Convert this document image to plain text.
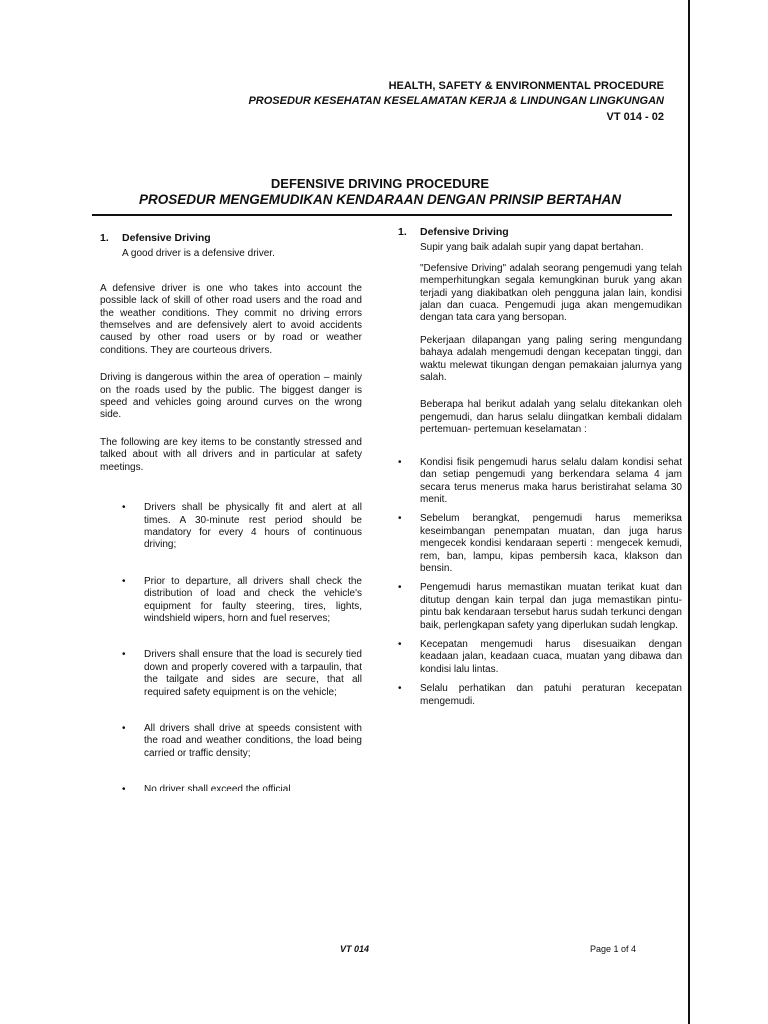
HEALTH, SAFETY & ENVIRONMENTAL PROCEDURE
PROSEDUR KESEHATAN KESELAMATAN KERJA & LINDUNGAN LINGKUNGAN
VT 014 - 02
DEFENSIVE DRIVING PROCEDURE
PROSEDUR MENGEMUDIKAN KENDARAAN DENGAN PRINSIP BERTAHAN
1. Defensive Driving
A good driver is a defensive driver.
A defensive driver is one who takes into account the possible lack of skill of other road users and the road and the weather conditions. They commit no driving errors themselves and are defensively alert to avoid accidents caused by other road users or by road or weather conditions. They are courteous drivers.
Driving is dangerous within the area of operation – mainly on the roads used by the public. The biggest danger is speed and vehicles going around curves on the wrong side.
The following are key items to be constantly stressed and talked about with all drivers and in particular at safety meetings.
• Drivers shall be physically fit and alert at all times. A 30-minute rest period should be mandatory for every 4 hours of continuous driving;
• Prior to departure, all drivers shall check the distribution of load and check the vehicle's equipment for faulty steering, tires, lights, windshield wipers, horn and fuel reserves;
• Drivers shall ensure that the load is securely tied down and properly covered with a tarpaulin, that the tailgate and sides are secure, that all required safety equipment is on the vehicle;
• All drivers shall drive at speeds consistent with the road and weather conditions, the load being carried or traffic density;
• No driver shall exceed the official
1. Defensive Driving
Supir yang baik adalah supir yang dapat bertahan.
"Defensive Driving" adalah seorang pengemudi yang telah memperhitungkan segala kemungkinan buruk yang akan terjadi yang diakibatkan oleh pengguna jalan lain, kondisi jalan dan cuaca. Pengemudi juga akan mengemudikan dengan tata cara yang bersopan.
Pekerjaan dilapangan yang paling sering mengundang bahaya adalah mengemudi dengan kecepatan tinggi, dan waktu melewat tikungan dengan pemakaian jalurnya yang salah.
Beberapa hal berikut adalah yang selalu ditekankan oleh pengemudi, dan harus selalu diingatkan kembali didalam pertemuan- pertemuan keselamatan :
• Kondisi fisik pengemudi harus selalu dalam kondisi sehat dan setiap pengemudi yang berkendara selama 4 jam secara terus menerus maka harus beristirahat selama 30 menit.
• Sebelum berangkat, pengemudi harus memeriksa keseimbangan penempatan muatan, dan juga harus mengecek kondisi kendaraan seperti : mengecek kemudi, rem, ban, lampu, kipas pembersih kaca, klakson dan bensin.
• Pengemudi harus memastikan muatan terikat kuat dan ditutup dengan kain terpal dan juga memastikan pintu-pintu bak kendaraan tersebut harus sudah terkunci dengan baik, perlengkapan safety yang diperlukan sudah lengkap.
• Kecepatan mengemudi harus disesuaikan dengan keadaan jalan, keadaan cuaca, muatan yang dibawa dan kondisi lalu lintas.
• Selalu perhatikan dan patuhi peraturan kecepatan mengemudi.
VT 014	Page 1 of 4
